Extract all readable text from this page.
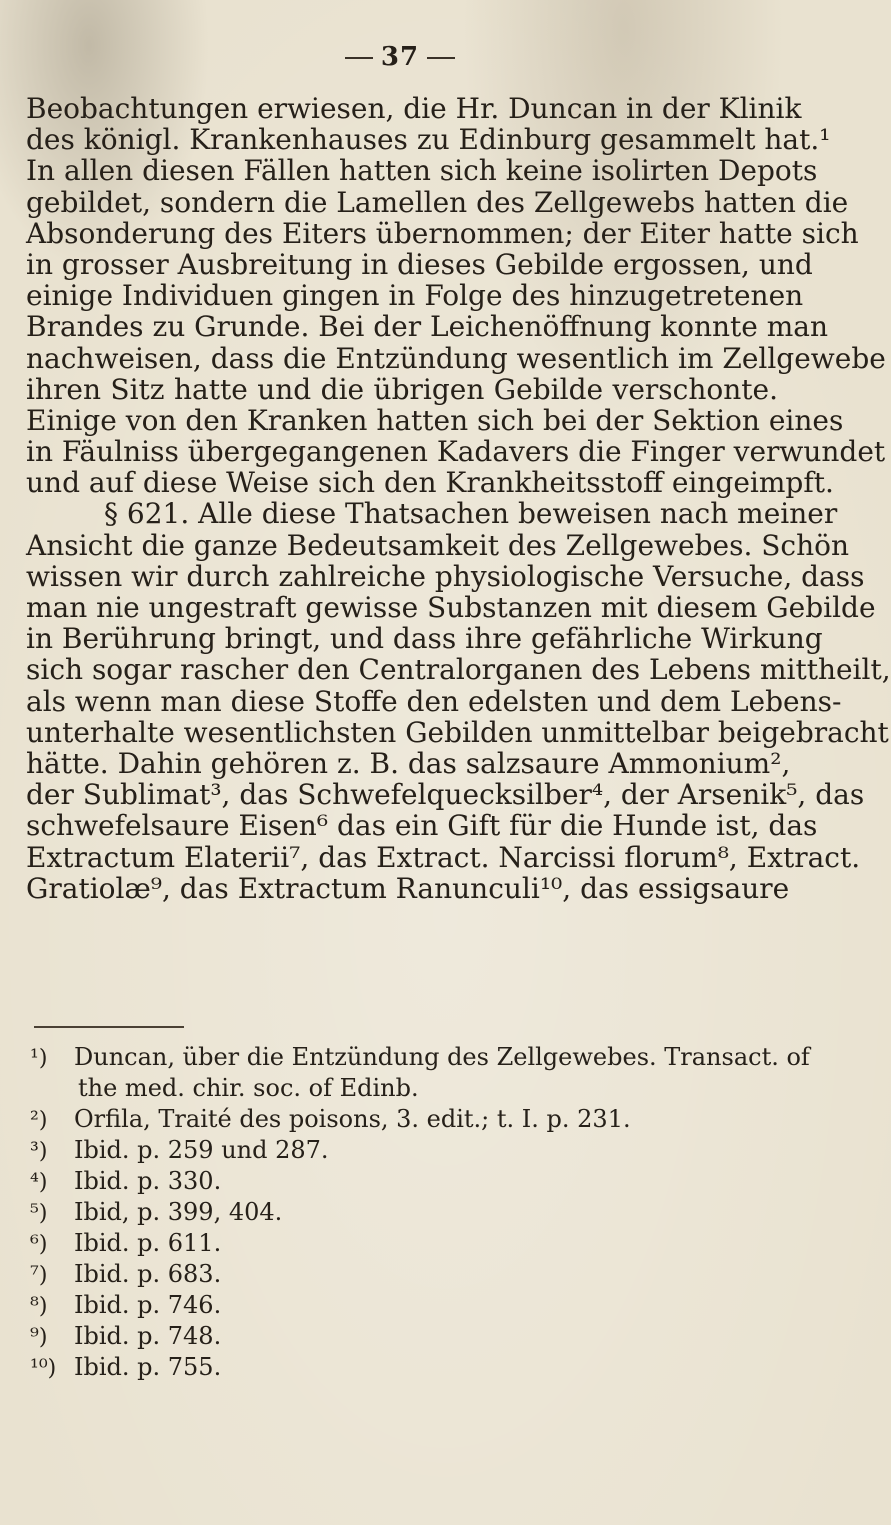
37
Beobachtungen erwiesen, die Hr. Duncan in der Klinik
des königl. Krankenhauses zu Edinburg gesammelt hat.¹
In allen diesen Fällen hatten sich keine isolirten Depots
gebildet, sondern die Lamellen des Zellgewebs hatten die
Absonderung des Eiters übernommen; der Eiter hatte sich
in grosser Ausbreitung in dieses Gebilde ergossen, und
einige Individuen gingen in Folge des hinzugetretenen
Brandes zu Grunde. Bei der Leichenöffnung konnte man
nachweisen, dass die Entzündung wesentlich im Zellgewebe
ihren Sitz hatte und die übrigen Gebilde verschonte.
Einige von den Kranken hatten sich bei der Sektion eines
in Fäulniss übergegangenen Kadavers die Finger verwundet
und auf diese Weise sich den Krankheitsstoff eingeimpft.
§ 621. Alle diese Thatsachen beweisen nach meiner
Ansicht die ganze Bedeutsamkeit des Zellgewebes. Schön
wissen wir durch zahlreiche physiologische Versuche, dass
man nie ungestraft gewisse Substanzen mit diesem Gebilde
in Berührung bringt, und dass ihre gefährliche Wirkung
sich sogar rascher den Centralorganen des Lebens mittheilt,
als wenn man diese Stoffe den edelsten und dem Lebens-
unterhalte wesentlichsten Gebilden unmittelbar beigebracht
hätte. Dahin gehören z. B. das salzsaure Ammonium²,
der Sublimat³, das Schwefelquecksilber⁴, der Arsenik⁵, das
schwefelsaure Eisen⁶ das ein Gift für die Hunde ist, das
Extractum Elaterii⁷, das Extract. Narcissi florum⁸, Extract.
Gratiolæ⁹, das Extractum Ranunculi¹⁰, das essigsaure
¹) Duncan, über die Entzündung des Zellgewebes. Transact. of
the med. chir. soc. of Edinb.
²) Orfila, Traité des poisons, 3. edit.; t. I. p. 231.
³) Ibid. p. 259 und 287.
⁴) Ibid. p. 330.
⁵) Ibid, p. 399, 404.
⁶) Ibid. p. 611.
⁷) Ibid. p. 683.
⁸) Ibid. p. 746.
⁹) Ibid. p. 748.
¹⁰) Ibid. p. 755.
